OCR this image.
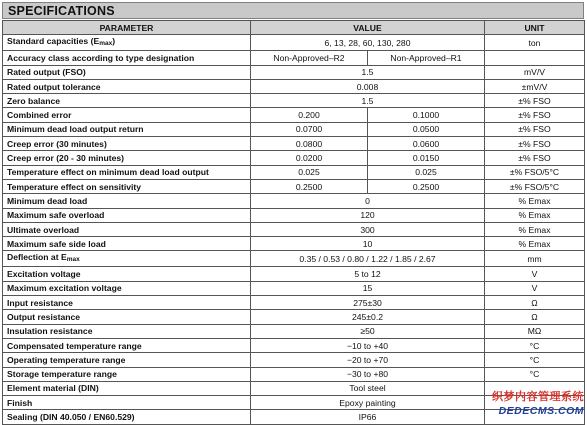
SPECIFICATIONS
PARAMETER	VALUE		UNIT
Standard capacities (Emax)	6, 13, 28, 60, 130, 280		ton
Accuracy class according to type designation	Non-Approved–R2	Non-Approved–R1	
Rated output (FSO)	1.5		mV/V
Rated output tolerance	0.008		±mV/V
Zero balance	1.5		±% FSO
Combined error	0.200	0.1000	±% FSO
Minimum dead load output return	0.0700	0.0500	±% FSO
Creep error (30 minutes)	0.0800	0.0600	±% FSO
Creep error (20 - 30 minutes)	0.0200	0.0150	±% FSO
Temperature effect on minimum dead load output	0.025	0.025	±% FSO/5°C
Temperature effect on sensitivity	0.2500	0.2500	±% FSO/5°C
Minimum dead load	0		% Emax
Maximum safe overload	120		% Emax
Ultimate overload	300		% Emax
Maximum safe side load	10		% Emax
Deflection at Emax	0.35 / 0.53 / 0.80 / 1.22 / 1.85 / 2.67		mm
Excitation voltage	5 to 12		V
Maximum excitation voltage	15		V
Input resistance	275±30		Ω
Output resistance	245±0.2		Ω
Insulation resistance	≥50		MΩ
Compensated temperature range	−10 to +40		°C
Operating temperature range	−20 to +70		°C
Storage temperature range	−30 to +80		°C
Element material (DIN)	Tool steel		
Finish	Epoxy painting		
Sealing (DIN 40.050 / EN60.529)	IP66		
织梦内容管理系统
DEDECMS.COM
